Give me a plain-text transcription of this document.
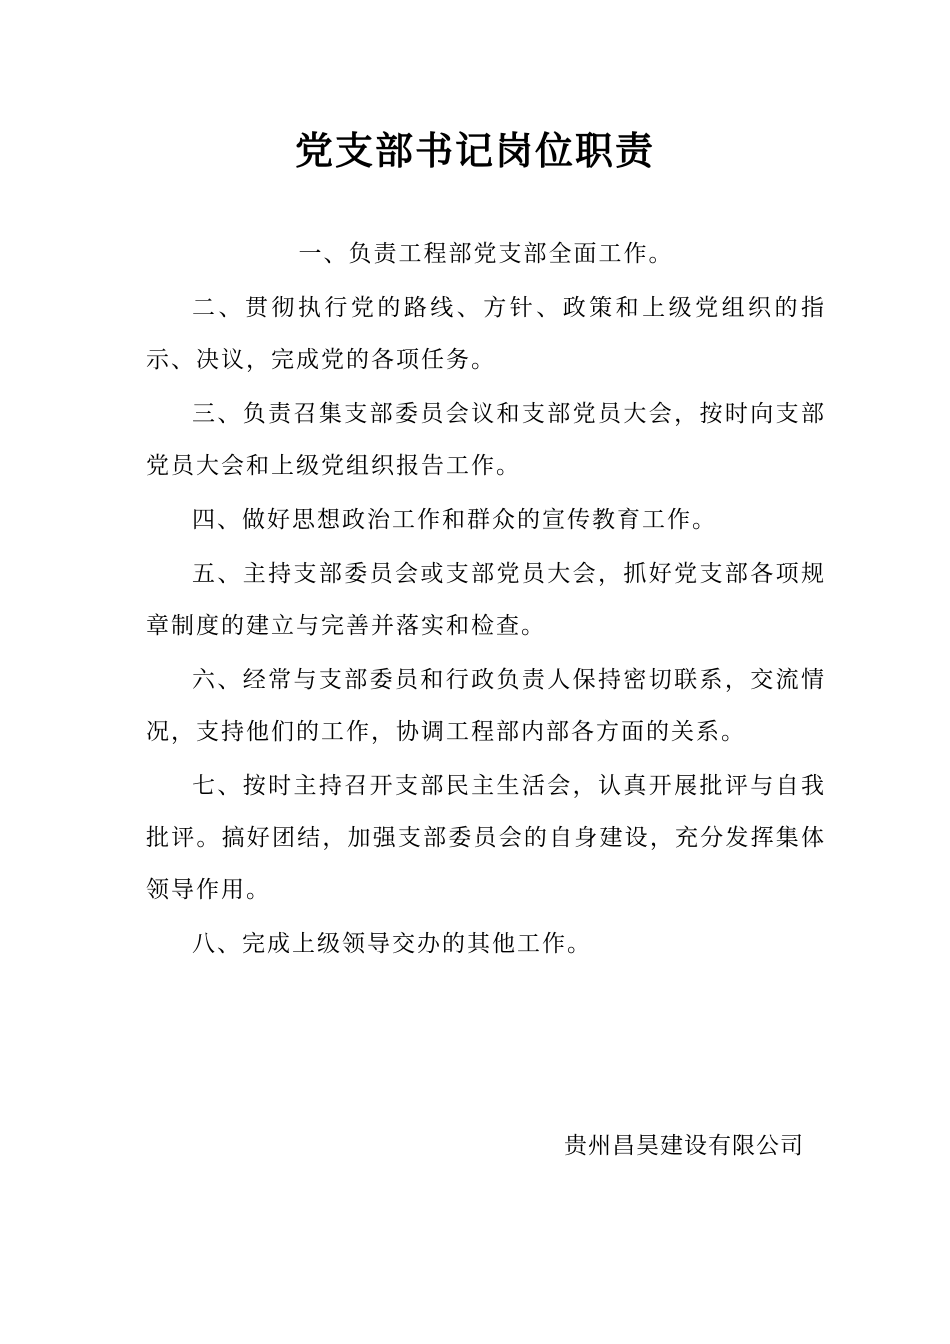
党支部书记岗位职责

一、负责工程部党支部全面工作。

二、贯彻执行党的路线、方针、政策和上级党组织的指示、决议，完成党的各项任务。

三、负责召集支部委员会议和支部党员大会，按时向支部党员大会和上级党组织报告工作。

四、做好思想政治工作和群众的宣传教育工作。

五、主持支部委员会或支部党员大会，抓好党支部各项规章制度的建立与完善并落实和检查。

六、经常与支部委员和行政负责人保持密切联系，交流情况，支持他们的工作，协调工程部内部各方面的关系。

七、按时主持召开支部民主生活会，认真开展批评与自我批评。搞好团结，加强支部委员会的自身建设，充分发挥集体领导作用。

八、完成上级领导交办的其他工作。

贵州昌昊建设有限公司
